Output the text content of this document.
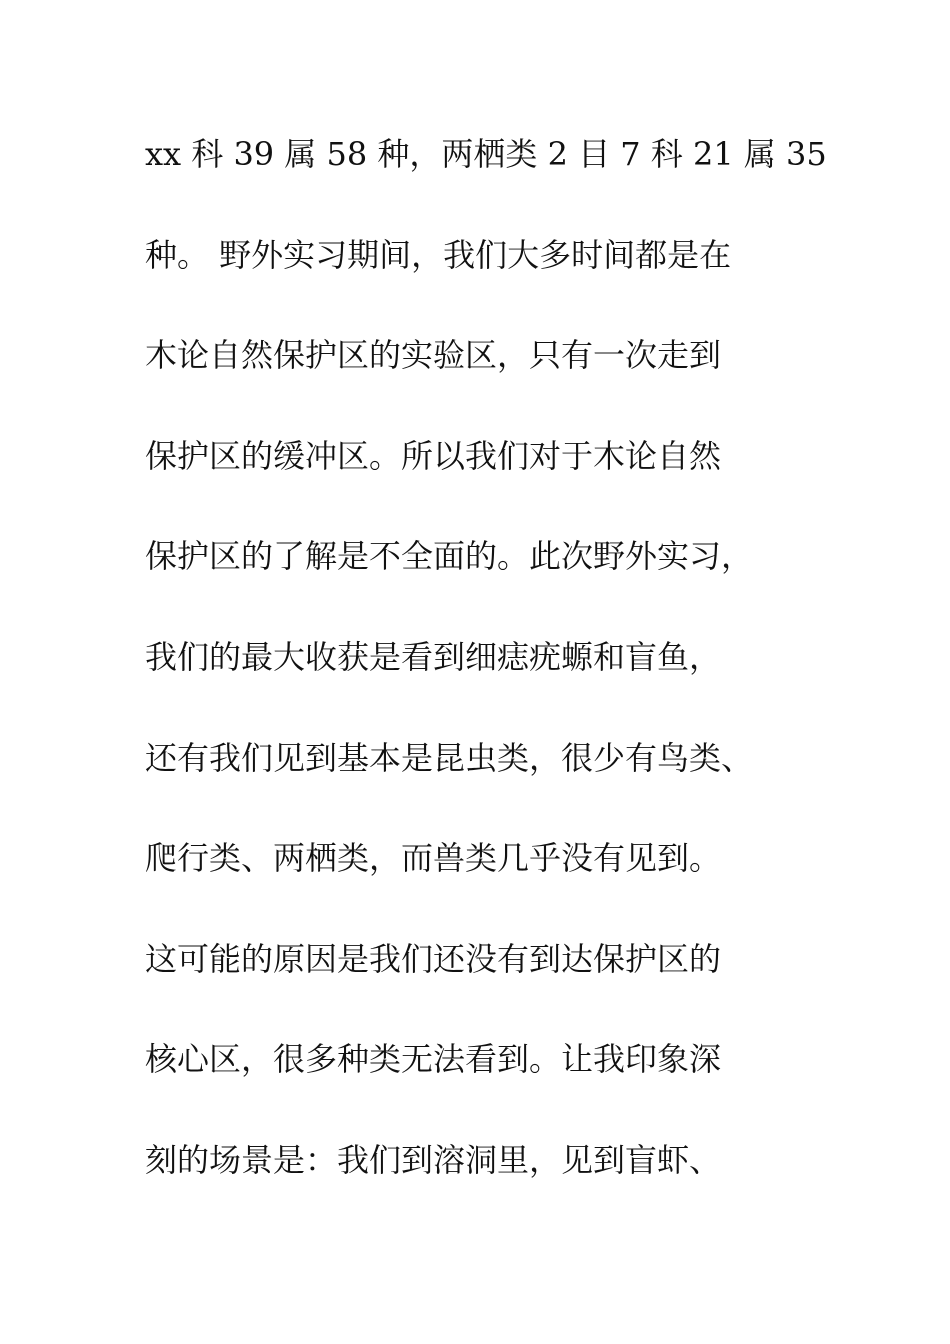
xx 科 39 属 58 种，两栖类 2 目 7 科 21 属 35
种。 野外实习期间，我们大多时间都是在
木论自然保护区的实验区，只有一次走到
保护区的缓冲区。所以我们对于木论自然
保护区的了解是不全面的。此次野外实习，
我们的最大收获是看到细痣疣螈和盲鱼，
还有我们见到基本是昆虫类，很少有鸟类、
爬行类、两栖类，而兽类几乎没有见到。
这可能的原因是我们还没有到达保护区的
核心区，很多种类无法看到。让我印象深
刻的场景是：我们到溶洞里，见到盲虾、
